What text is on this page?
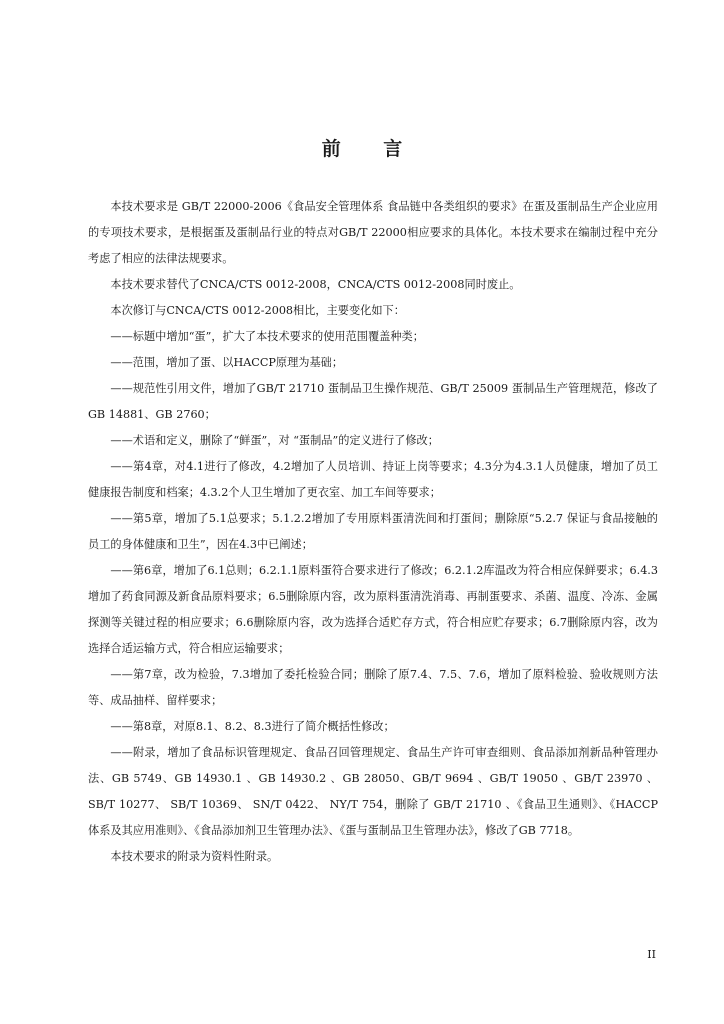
前 言

本技术要求是 GB/T 22000-2006《食品安全管理体系 食品链中各类组织的要求》在蛋及蛋制品生产企业应用的专项技术要求，是根据蛋及蛋制品行业的特点对GB/T 22000相应要求的具体化。本技术要求在编制过程中充分考虑了相应的法律法规要求。

本技术要求替代了CNCA/CTS 0012-2008，CNCA/CTS 0012-2008同时废止。

本次修订与CNCA/CTS 0012-2008相比，主要变化如下：

——标题中增加“蛋”，扩大了本技术要求的使用范围覆盖种类；

——范围，增加了蛋、以HACCP原理为基础；

——规范性引用文件，增加了GB/T 21710 蛋制品卫生操作规范、GB/T 25009 蛋制品生产管理规范，修改了GB 14881、GB 2760；

——术语和定义，删除了“鲜蛋”，对 “蛋制品”的定义进行了修改；

——第4章，对4.1进行了修改，4.2增加了人员培训、持证上岗等要求；4.3分为4.3.1人员健康，增加了员工健康报告制度和档案；4.3.2个人卫生增加了更衣室、加工车间等要求；

——第5章，增加了5.1总要求；5.1.2.2增加了专用原料蛋清洗间和打蛋间；删除原“5.2.7 保证与食品接触的员工的身体健康和卫生”，因在4.3中已阐述；

——第6章，增加了6.1总则；6.2.1.1原料蛋符合要求进行了修改；6.2.1.2库温改为符合相应保鲜要求；6.4.3增加了药食同源及新食品原料要求；6.5删除原内容，改为原料蛋清洗消毒、再制蛋要求、杀菌、温度、冷冻、金属探测等关键过程的相应要求；6.6删除原内容，改为选择合适贮存方式，符合相应贮存要求；6.7删除原内容，改为选择合适运输方式，符合相应运输要求；

——第7章，改为检验，7.3增加了委托检验合同；删除了原7.4、7.5、7.6，增加了原料检验、验收规则方法等、成品抽样、留样要求；

——第8章，对原8.1、8.2、8.3进行了简介概括性修改；

——附录，增加了食品标识管理规定、食品召回管理规定、食品生产许可审查细则、食品添加剂新品种管理办法、GB 5749、GB 14930.1 、GB 14930.2 、GB 28050、GB/T 9694 、GB/T 19050 、GB/T 23970 、SB/T 10277、 SB/T 10369、 SN/T 0422、 NY/T 754，删除了 GB/T 21710 、《食品卫生通则》、《HACCP体系及其应用准则》、《食品添加剂卫生管理办法》、《蛋与蛋制品卫生管理办法》，修改了GB 7718。

本技术要求的附录为资料性附录。

II
